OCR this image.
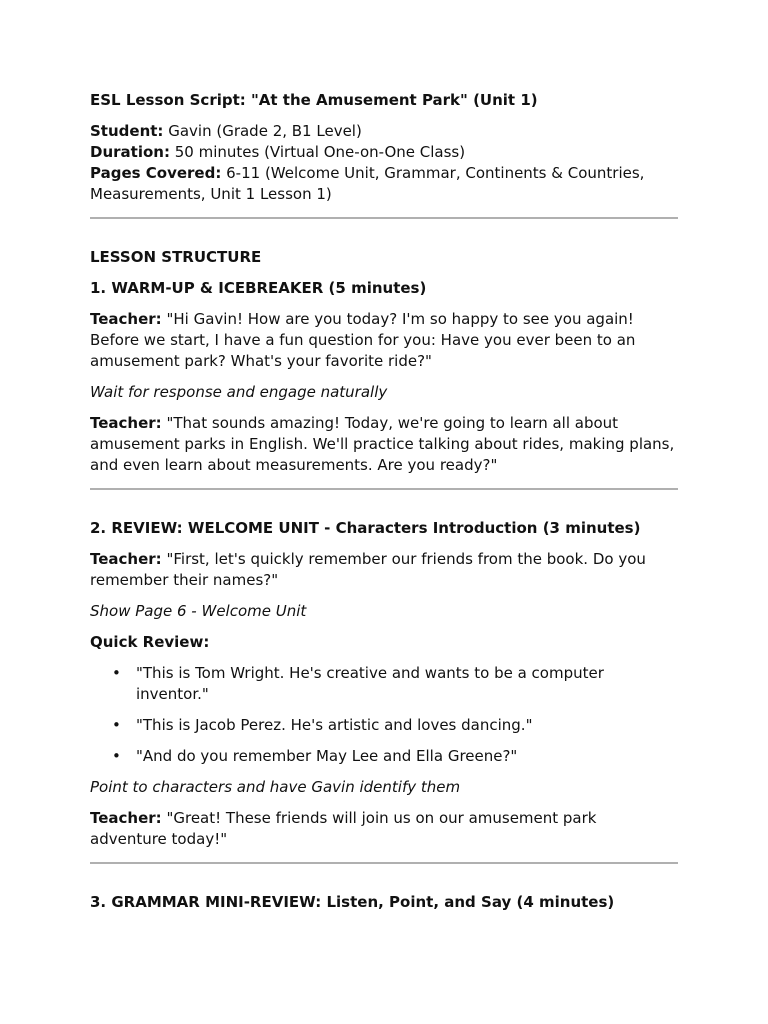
ESL Lesson Script: "At the Amusement Park" (Unit 1)

Student: Gavin (Grade 2, B1 Level)

Duration: 50 minutes (Virtual One-on-One Class)

Pages Covered: 6-11 (Welcome Unit, Grammar, Continents & Countries, Measurements, Unit 1 Lesson 1)

LESSON STRUCTURE

1. WARM-UP & ICEBREAKER (5 minutes)

Teacher: "Hi Gavin! How are you today? I'm so happy to see you again! Before we start, I have a fun question for you: Have you ever been to an amusement park? What's your favorite ride?"

Wait for response and engage naturally

Teacher: "That sounds amazing! Today, we're going to learn all about amusement parks in English. We'll practice talking about rides, making plans, and even learn about measurements. Are you ready?"

2. REVIEW: WELCOME UNIT - Characters Introduction (3 minutes)

Teacher: "First, let's quickly remember our friends from the book. Do you remember their names?"

Show Page 6 - Welcome Unit

Quick Review:

• "This is Tom Wright. He's creative and wants to be a computer inventor."
• "This is Jacob Perez. He's artistic and loves dancing."
• "And do you remember May Lee and Ella Greene?"

Point to characters and have Gavin identify them

Teacher: "Great! These friends will join us on our amusement park adventure today!"

3. GRAMMAR MINI-REVIEW: Listen, Point, and Say (4 minutes)
